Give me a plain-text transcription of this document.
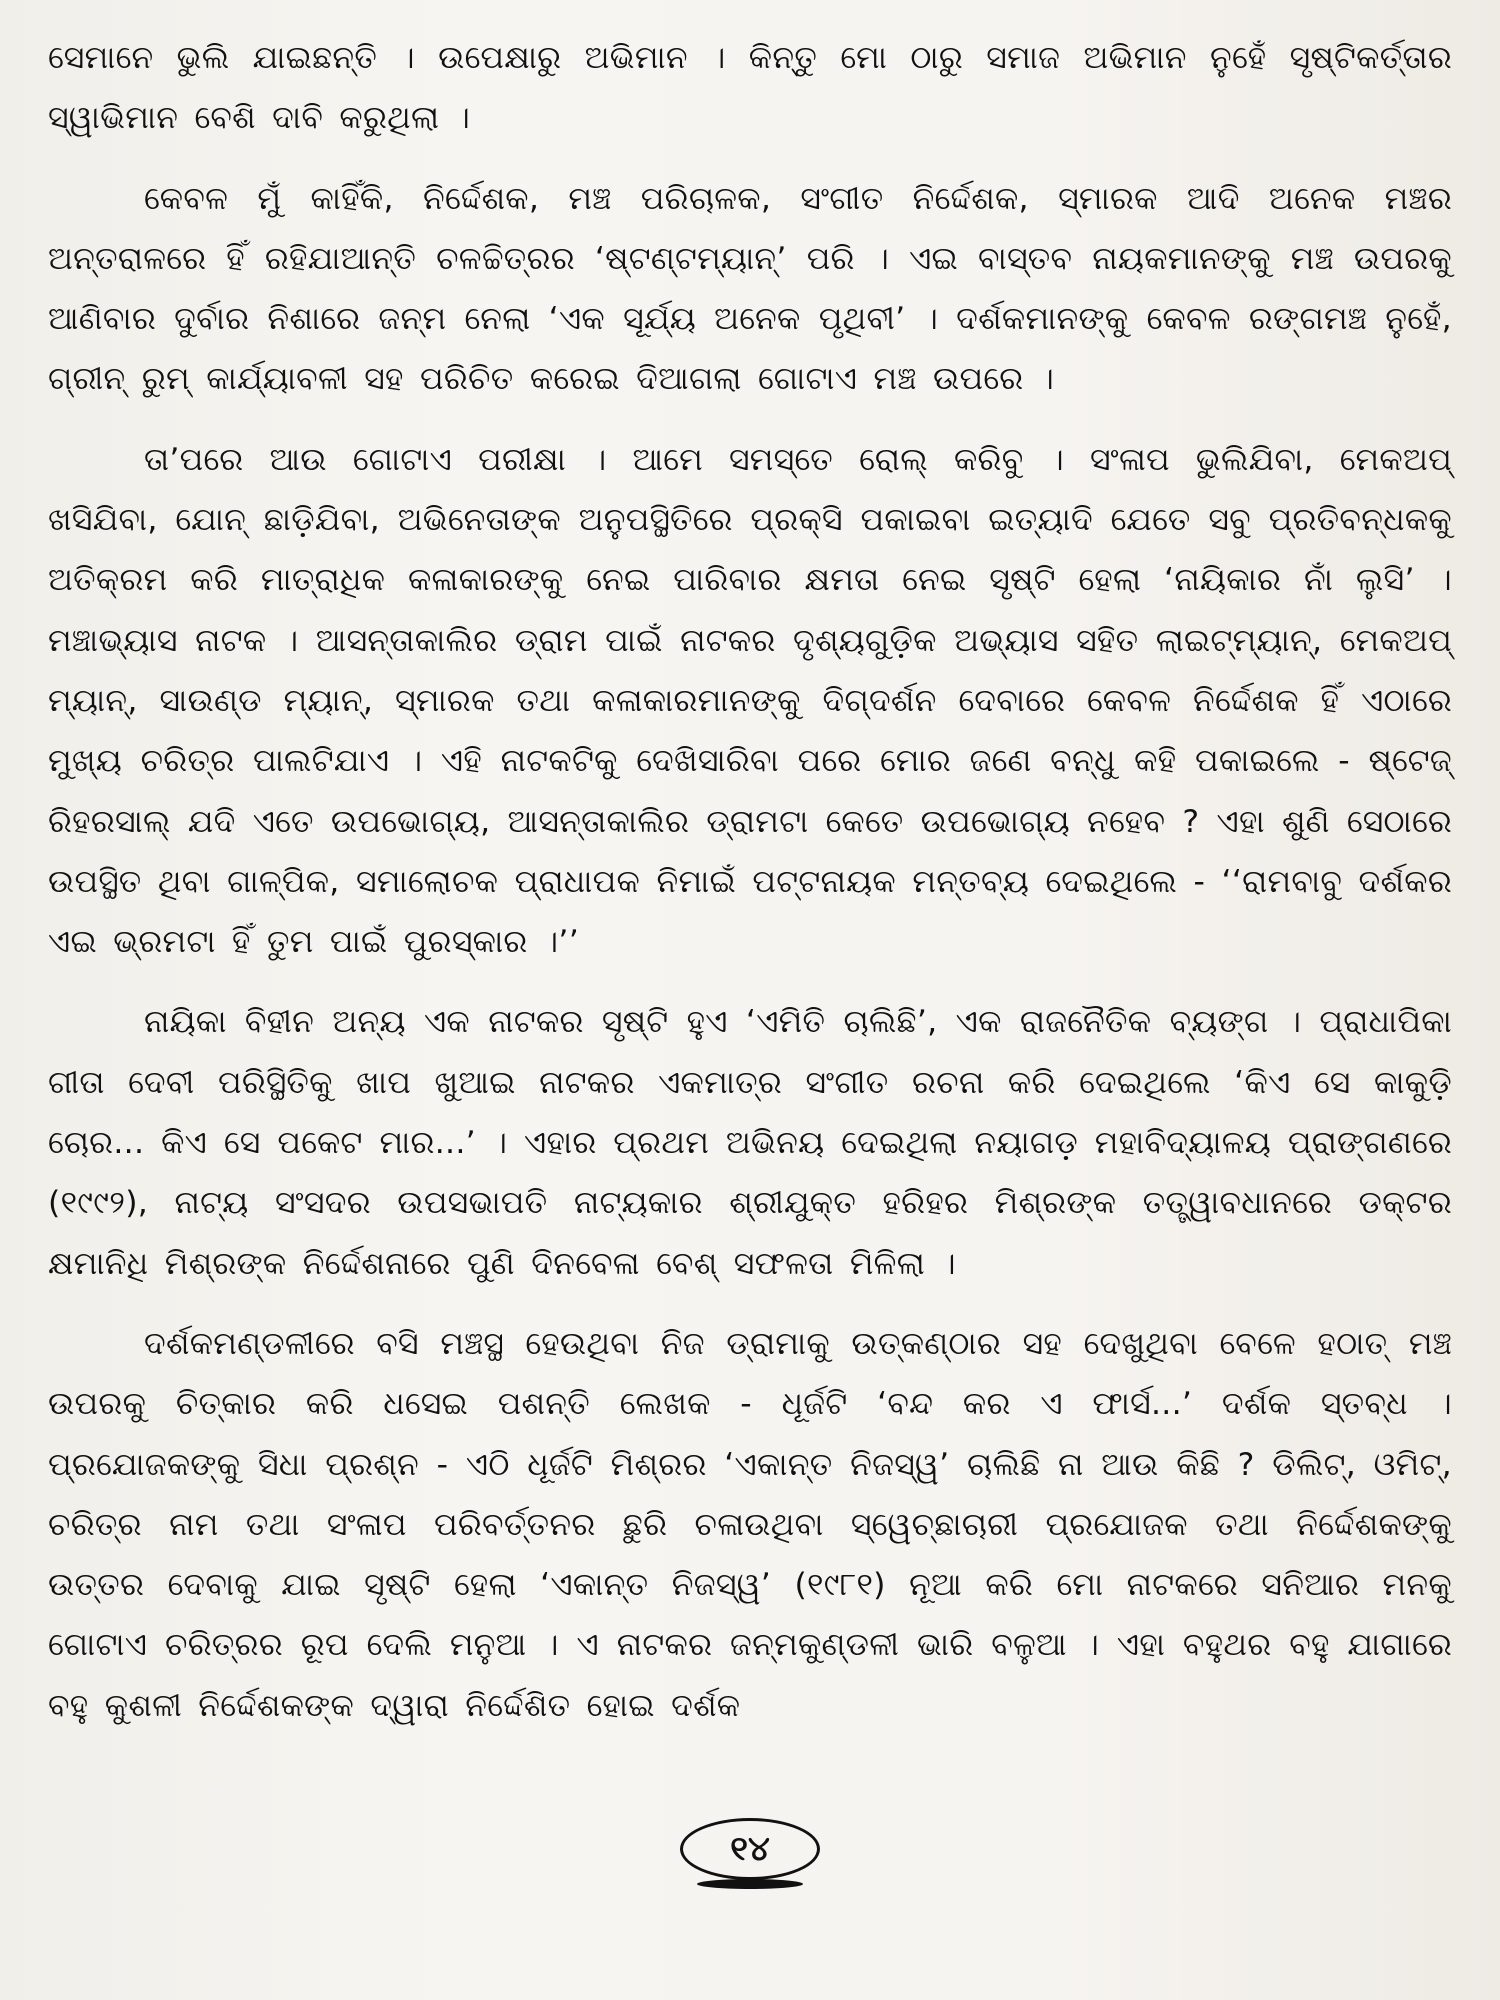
ସେମାନେ ଭୁଲି ଯାଇଛନ୍ତି । ଉପେକ୍ଷାରୁ ଅଭିମାନ । କିନ୍ତୁ ମୋ ଠାରୁ ସମାଜ ଅଭିମାନ ନୁହେଁ ସୃଷ୍ଟିକର୍ତ୍ତାର ସ୍ୱାଭିମାନ ବେଶି ଦାବି କରୁଥିଲା ।

କେବଳ ମୁଁ କାହିଁକି, ନିର୍ଦ୍ଦେଶକ, ମଞ୍ଚ ପରିଚାଳକ, ସଂଗୀତ ନିର୍ଦ୍ଦେଶକ, ସ୍ମାରକ ଆଦି ଅନେକ ମଞ୍ଚର ଅନ୍ତରାଳରେ ହିଁ ରହିଯାଆନ୍ତି ଚଳଚ୍ଚିତ୍ରର ‘ଷ୍ଟଣ୍ଟମ୍ୟାନ୍’ ପରି । ଏଇ ବାସ୍ତବ ନାୟକମାନଙ୍କୁ ମଞ୍ଚ ଉପରକୁ ଆଣିବାର ଦୁର୍ବାର ନିଶାରେ ଜନ୍ମ ନେଲା ‘ଏକ ସୂର୍ଯ୍ୟ ଅନେକ ପୃଥିବୀ’ । ଦର୍ଶକମାନଙ୍କୁ କେବଳ ରଙ୍ଗମଞ୍ଚ ନୁହେଁ, ଗ୍ରୀନ୍ ରୁମ୍ କାର୍ଯ୍ୟାବଳୀ ସହ ପରିଚିତ କରେଇ ଦିଆଗଲା ଗୋଟାଏ ମଞ୍ଚ ଉପରେ ।

ତା’ପରେ ଆଉ ଗୋଟାଏ ପରୀକ୍ଷା । ଆମେ ସମସ୍ତେ ରୋଲ୍ କରିବୁ । ସଂଳାପ ଭୁଲିଯିବା, ମେକଅପ୍ ଖସିଯିବା, ଯୋନ୍ ଛାଡ଼ିଯିବା, ଅଭିନେତାଙ୍କ ଅନୁପସ୍ଥିତିରେ ପ୍ରକ୍ସି ପକାଇବା ଇତ୍ୟାଦି ଯେତେ ସବୁ ପ୍ରତିବନ୍ଧକକୁ ଅତିକ୍ରମ କରି ମାତ୍ରାଧିକ କଳାକାରଙ୍କୁ ନେଇ ପାରିବାର କ୍ଷମତା ନେଇ ସୃଷ୍ଟି ହେଲା ‘ନାୟିକାର ନାଁ ଲୁସି’ । ମଞ୍ଚାଭ୍ୟାସ ନାଟକ । ଆସନ୍ତାକାଲିର ଡ୍ରାମ ପାଇଁ ନାଟକର ଦୃଶ୍ୟଗୁଡ଼ିକ ଅଭ୍ୟାସ ସହିତ ଲାଇଟ୍‌ମ୍ୟାନ୍, ମେକଅପ୍ ମ୍ୟାନ୍, ସାଉଣ୍ଡ ମ୍ୟାନ୍, ସ୍ମାରକ ତଥା କଳାକାରମାନଙ୍କୁ ଦିଗ୍‌ଦର୍ଶନ ଦେବାରେ କେବଳ ନିର୍ଦ୍ଦେଶକ ହିଁ ଏଠାରେ ମୁଖ୍ୟ ଚରିତ୍ର ପାଲଟିଯାଏ । ଏହି ନାଟକଟିକୁ ଦେଖିସାରିବା ପରେ ମୋର ଜଣେ ବନ୍ଧୁ କହି ପକାଇଲେ - ଷ୍ଟେଜ୍ ରିହରସାଲ୍ ଯଦି ଏତେ ଉପଭୋଗ୍ୟ, ଆସନ୍ତାକାଲିର ଡ୍ରାମଟା କେତେ ଉପଭୋଗ୍ୟ ନହେବ ? ଏହା ଶୁଣି ସେଠାରେ ଉପସ୍ଥିତ ଥିବା ଗାଳ୍ପିକ, ସମାଲୋଚକ ପ୍ରାଧାପକ ନିମାଇଁ ପଟ୍ଟନାୟକ ମନ୍ତବ୍ୟ ଦେଇଥିଲେ - ‘‘ରାମବାବୁ ଦର୍ଶକର ଏଇ ଭ୍ରମଟା ହିଁ ତୁମ ପାଇଁ ପୁରସ୍କାର ।’’

ନାୟିକା ବିହୀନ ଅନ୍ୟ ଏକ ନାଟକର ସୃଷ୍ଟି ହୁଏ ‘ଏମିତି ଚାଲିଛି’, ଏକ ରାଜନୈତିକ ବ୍ୟଙ୍ଗ । ପ୍ରାଧାପିକା ଗୀତା ଦେବୀ ପରିସ୍ଥିତିକୁ ଖାପ ଖୁଆଇ ନାଟକର ଏକମାତ୍ର ସଂଗୀତ ରଚନା କରି ଦେଇଥିଲେ ‘କିଏ ସେ କାକୁଡ଼ି ଚୋର... କିଏ ସେ ପକେଟ ମାର...’ । ଏହାର ପ୍ରଥମ ଅଭିନୟ ଦେଇଥିଲା ନୟାଗଡ଼ ମହାବିଦ୍ୟାଳୟ ପ୍ରାଙ୍ଗଣରେ (୧୯୯୨), ନାଟ୍ୟ ସଂସଦର ଉପସଭାପତି ନାଟ୍ୟକାର ଶ୍ରୀଯୁକ୍ତ ହରିହର ମିଶ୍ରଙ୍କ ତତ୍ତ୍ୱାବଧାନରେ ଡକ୍ଟର କ୍ଷମାନିଧି ମିଶ୍ରଙ୍କ ନିର୍ଦ୍ଦେଶନାରେ ପୁଣି ଦିନବେଳା ବେଶ୍ ସଫଳତା ମିଳିଲା ।

ଦର୍ଶକମଣ୍ଡଳୀରେ ବସି ମଞ୍ଚସ୍ଥ ହେଉଥିବା ନିଜ ଡ୍ରାମାକୁ ଉତ୍କଣ୍ଠାର ସହ ଦେଖୁଥିବା ବେଳେ ହଠାତ୍ ମଞ୍ଚ ଉପରକୁ ଚିତ୍କାର କରି ଧସେଇ ପଶନ୍ତି ଲେଖକ - ଧୂର୍ଜଟି ‘ବନ୍ଦ କର ଏ ଫାର୍ସ...’ ଦର୍ଶକ ସ୍ତବ୍ଧ । ପ୍ରଯୋଜକଙ୍କୁ ସିଧା ପ୍ରଶ୍ନ - ଏଠି ଧୂର୍ଜଟି ମିଶ୍ରର ‘ଏକାନ୍ତ ନିଜସ୍ୱ’ ଚାଲିଛି ନା ଆଉ କିଛି ? ଡିଲିଟ୍, ଓମିଟ୍, ଚରିତ୍ର ନାମ ତଥା ସଂଳାପ ପରିବର୍ତ୍ତନର ଛୁରି ଚଳାଉଥିବା ସ୍ୱେଚ୍ଛାଚାରୀ ପ୍ରଯୋଜକ ତଥା ନିର୍ଦ୍ଦେଶକଙ୍କୁ ଉତ୍ତର ଦେବାକୁ ଯାଇ ସୃଷ୍ଟି ହେଲା ‘ଏକାନ୍ତ ନିଜସ୍ୱ’ (୧୯୮୧) ନୂଆ କରି ମୋ ନାଟକରେ ସନିଆର ମନକୁ ଗୋଟାଏ ଚରିତ୍ରର ରୂପ ଦେଲି ମନୁଆ । ଏ ନାଟକର ଜନ୍ମକୁଣ୍ଡଳୀ ଭାରି ବଳୁଆ । ଏହା ବହୁଥର ବହୁ ଯାଗାରେ ବହୁ କୁଶଳୀ ନିର୍ଦ୍ଦେଶକଙ୍କ ଦ୍ୱାରା ନିର୍ଦ୍ଦେଶିତ ହୋଇ ଦର୍ଶକ

୧୪
